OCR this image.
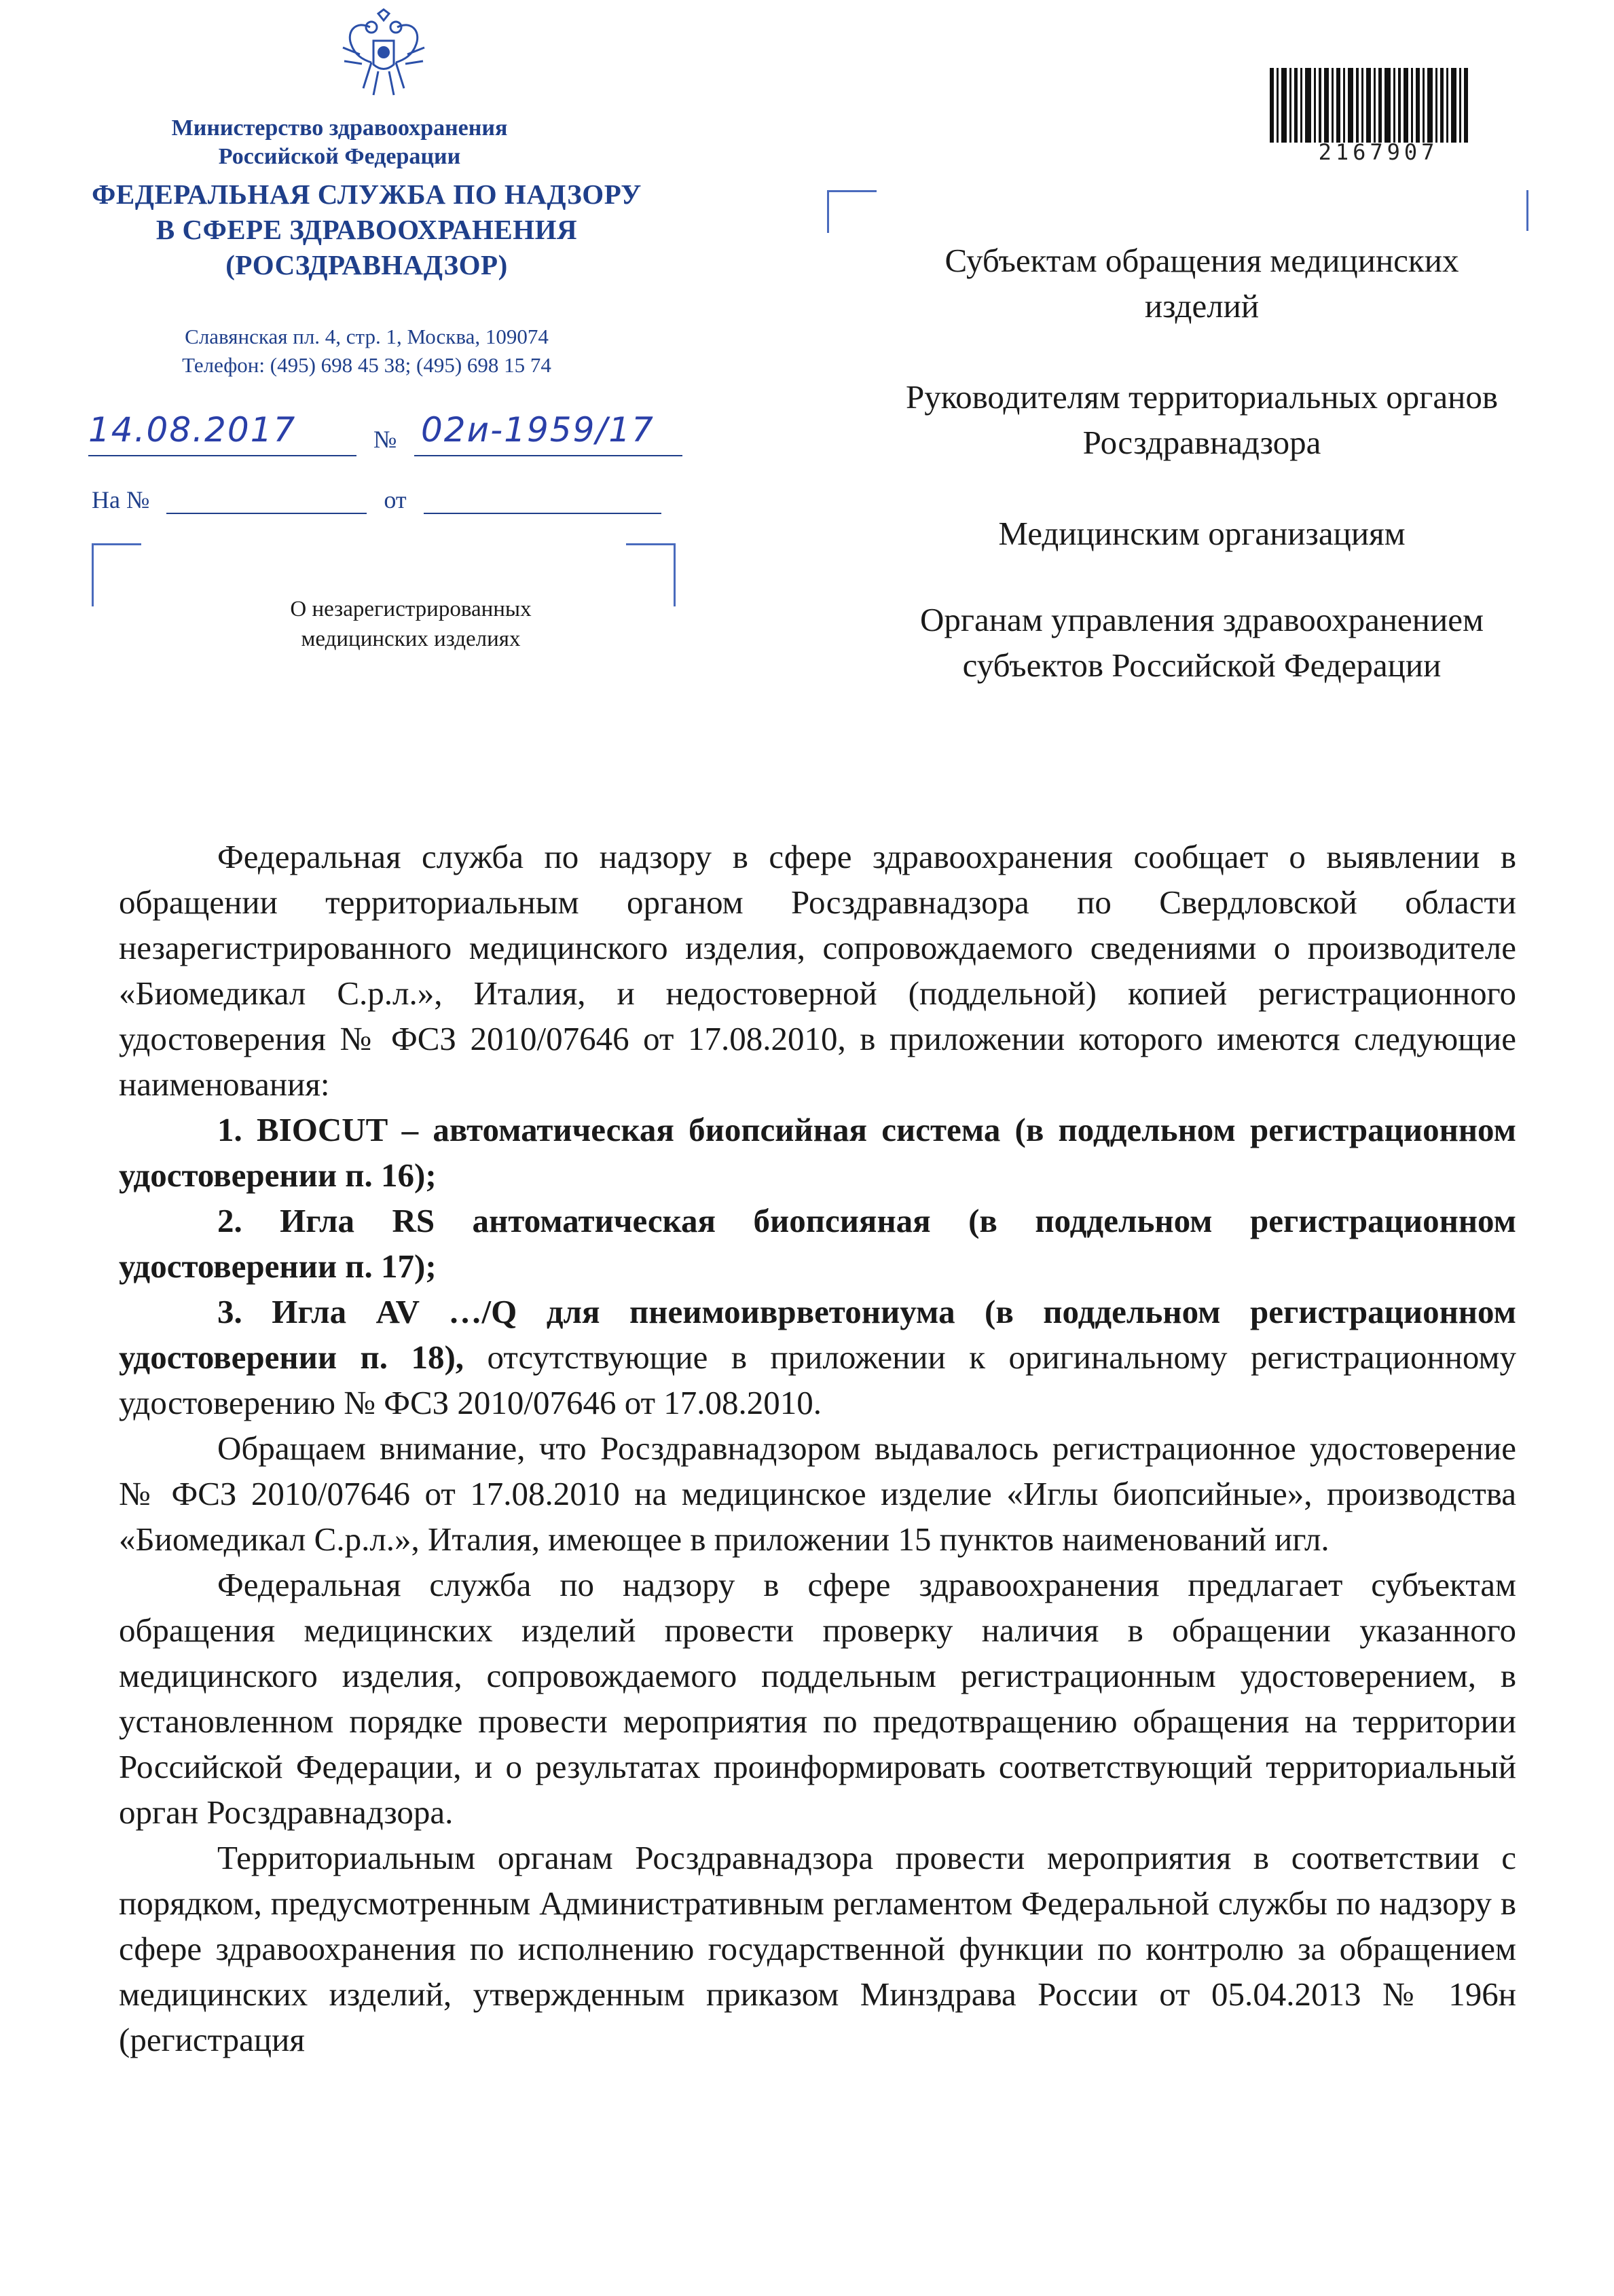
Министерство здравоохранения
Российской Федерации
ФЕДЕРАЛЬНАЯ СЛУЖБА ПО НАДЗОРУ
В СФЕРЕ ЗДРАВООХРАНЕНИЯ
(РОСЗДРАВНАДЗОР)
Славянская пл. 4, стр. 1, Москва, 109074
Телефон: (495) 698 45 38; (495) 698 15 74
14.08.2017	№ 02и-1959/17
На №	от
О незарегистрированных
медицинских изделиях
2167907
Субъектам обращения медицинских изделий
Руководителям территориальных органов Росздравнадзора
Медицинским организациям
Органам управления здравоохранением субъектов Российской Федерации

Федеральная служба по надзору в сфере здравоохранения сообщает о выявлении в обращении территориальным органом Росздравнадзора по Свердловской области незарегистрированного медицинского изделия, сопровождаемого сведениями о производителе «Биомедикал С.р.л.», Италия, и недостоверной (поддельной) копией регистрационного удостоверения № ФСЗ 2010/07646 от 17.08.2010, в приложении которого имеются следующие наименования:

1. BIOCUT – автоматическая биопсийная система (в поддельном регистрационном удостоверении п. 16);

2. Игла RS антоматическая биопсияная (в поддельном регистрационном удостоверении п. 17);

3. Игла AV …/Q для пнеимоиврветониума (в поддельном регистрационном удостоверении п. 18), отсутствующие в приложении к оригинальному регистрационному удостоверению № ФСЗ 2010/07646 от 17.08.2010.

Обращаем внимание, что Росздравнадзором выдавалось регистрационное удостоверение № ФСЗ 2010/07646 от 17.08.2010 на медицинское изделие «Иглы биопсийные», производства «Биомедикал С.р.л.», Италия, имеющее в приложении 15 пунктов наименований игл.

Федеральная служба по надзору в сфере здравоохранения предлагает субъектам обращения медицинских изделий провести проверку наличия в обращении указанного медицинского изделия, сопровождаемого поддельным регистрационным удостоверением, в установленном порядке провести мероприятия по предотвращению обращения на территории Российской Федерации, и о результатах проинформировать соответствующий территориальный орган Росздравнадзора.

Территориальным органам Росздравнадзора провести мероприятия в соответствии с порядком, предусмотренным Административным регламентом Федеральной службы по надзору в сфере здравоохранения по исполнению государственной функции по контролю за обращением медицинских изделий, утвержденным приказом Минздрава России от 05.04.2013 № 196н (регистрация
